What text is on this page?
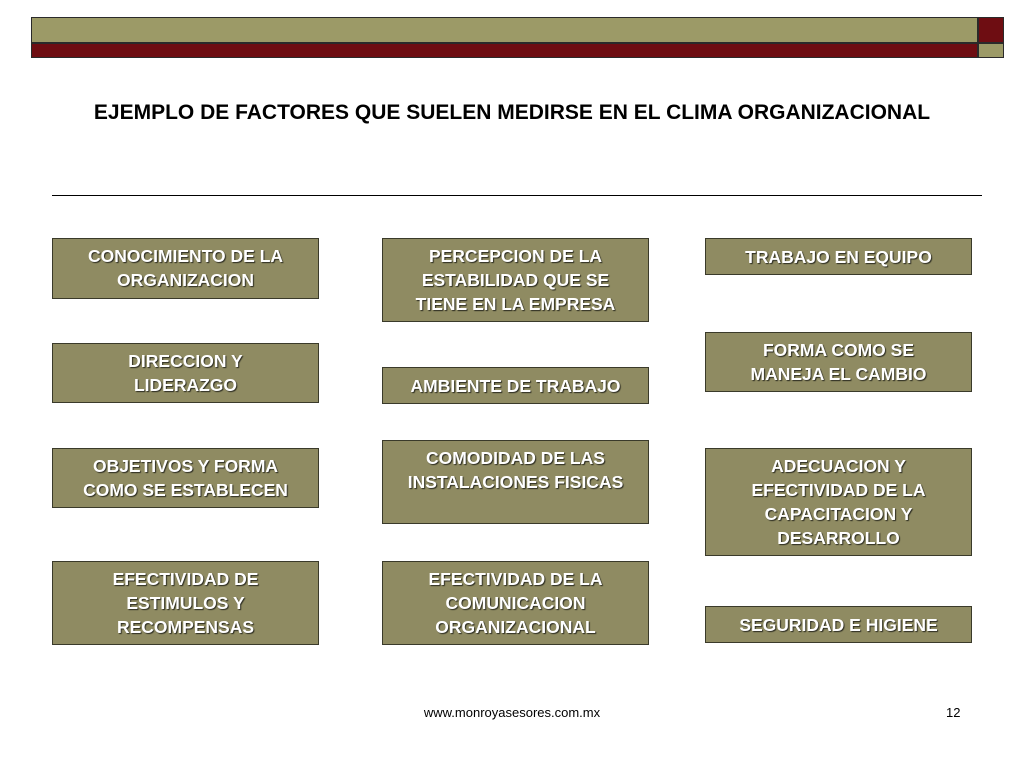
EJEMPLO DE FACTORES QUE SUELEN MEDIRSE EN EL CLIMA ORGANIZACIONAL
CONOCIMIENTO DE LA
ORGANIZACION
DIRECCION Y
LIDERAZGO
OBJETIVOS Y FORMA
COMO SE ESTABLECEN
EFECTIVIDAD DE
ESTIMULOS Y
RECOMPENSAS
PERCEPCION DE LA
ESTABILIDAD QUE SE
TIENE EN LA EMPRESA
AMBIENTE DE TRABAJO
COMODIDAD DE LAS
INSTALACIONES FISICAS
EFECTIVIDAD DE LA
COMUNICACION
ORGANIZACIONAL
TRABAJO EN EQUIPO
FORMA COMO SE
MANEJA EL CAMBIO
ADECUACION Y
EFECTIVIDAD DE LA
CAPACITACION Y
DESARROLLO
SEGURIDAD E HIGIENE
www.monroyasesores.com.mx	12
